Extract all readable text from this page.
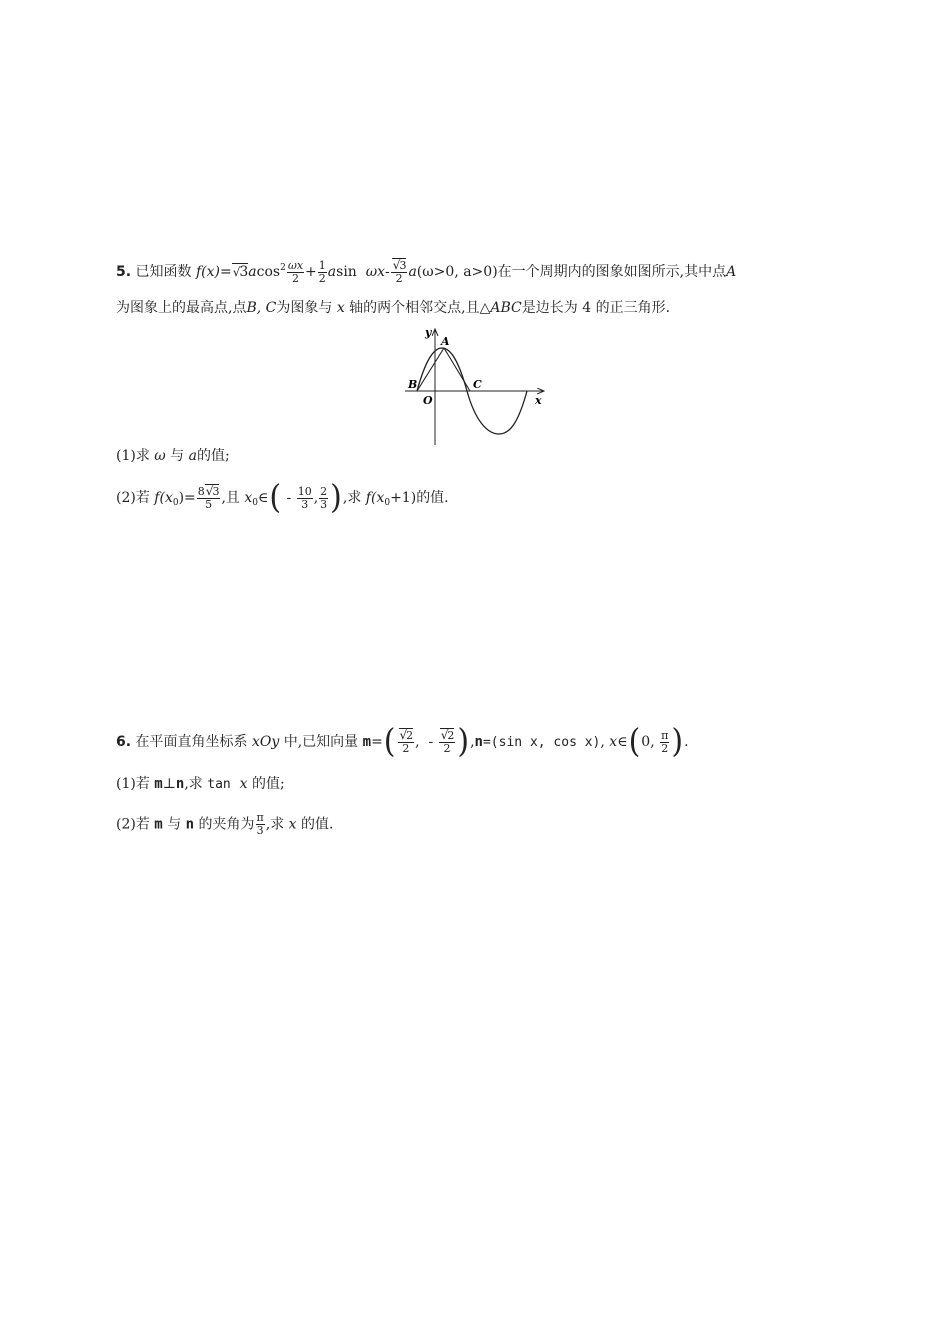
5. 已知函数 f(x)= √ $3acos^2 \frac{\omega x}{2} + \frac{1}{2}$ asin ωx- √ $\frac{3}{2} a(\omega>0$, a>0)在一个周期内的图象如图所示,其中点A
为图象上的最高点,点B, C为图象与 x 轴的两个相邻交点,且△ABC是边长为 4 的正三角形.
y
x
A
B	C
O
(1)求 ω 与 a的值;
(2)若 $f(x_0)= \frac{8 √ 3}{5}$ ,且 $x_0\in( - \frac{10}{3}$ , $\frac{2}{3}$ ),求 $f(x_0+1)$的值.
6. 在平面直角坐标系 xOy 中,已知向量 m=( √ $\frac{2}{2}$ , - √ $\frac{2}{2} ),n=(\sin$ x, cos x), x∈(0, $\frac{\pi}{2}$ ).
(1)若 m⊥n,求 tan x 的值;
(2)若 m 与 n 的夹角为 $\frac{\pi}{3}$ ,求 x 的值.
